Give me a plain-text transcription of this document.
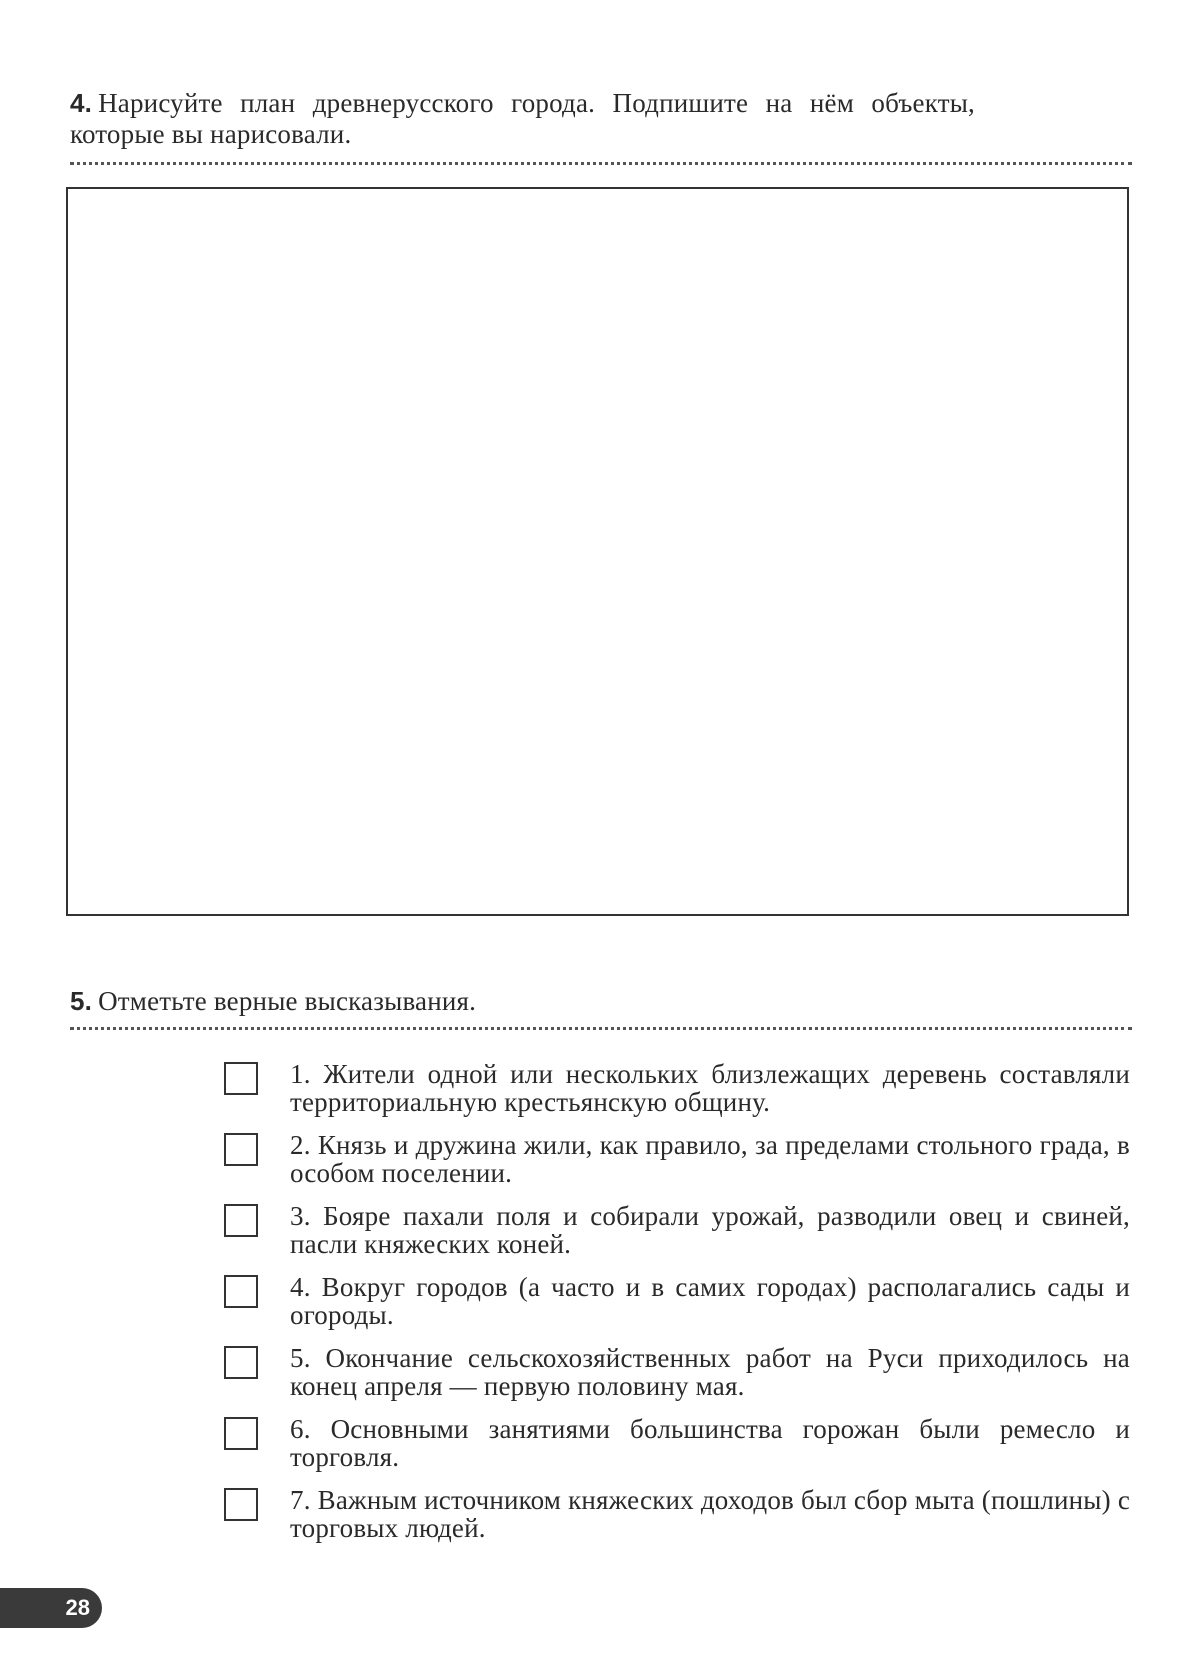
4. Нарисуйте план древнерусского города. Подпишите на нём объекты, которые вы нарисовали.
5. Отметьте верные высказывания.
1. Жители одной или нескольких близлежащих деревень составляли территориальную крестьянскую общину.
2. Князь и дружина жили, как правило, за пределами стольного града, в особом поселении.
3. Бояре пахали поля и собирали урожай, разводили овец и свиней, пасли княжеских коней.
4. Вокруг городов (а часто и в самих городах) располагались сады и огороды.
5. Окончание сельскохозяйственных работ на Руси приходилось на конец апреля — первую половину мая.
6. Основными занятиями большинства горожан были ремесло и торговля.
7. Важным источником княжеских доходов был сбор мыта (пошлины) с торговых людей.
28
